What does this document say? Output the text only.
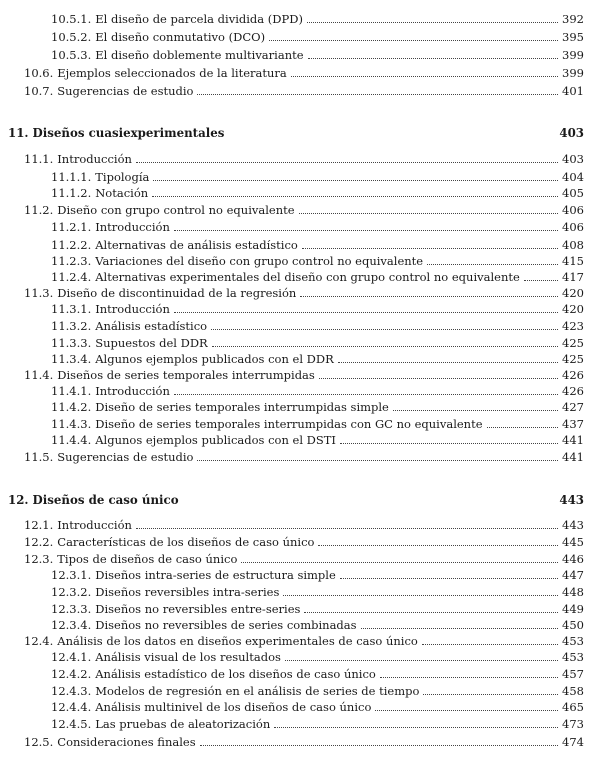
10.5.1. El diseño de parcela dividida (DPD)	392
10.5.2. El diseño conmutativo (DCO)	395
10.5.3. El diseño doblemente multivariante	399
10.6. Ejemplos seleccionados de la literatura	399
10.7. Sugerencias de estudio	401
11. Diseños cuasiexperimentales	403
11.1. Introducción	403
11.1.1. Tipología	404
11.1.2. Notación	405
11.2. Diseño con grupo control no equivalente	406
11.2.1. Introducción	406
11.2.2. Alternativas de análisis estadístico	408
11.2.3. Variaciones del diseño con grupo control no equivalente	415
11.2.4. Alternativas experimentales del diseño con grupo control no equivalente	417
11.3. Diseño de discontinuidad de la regresión	420
11.3.1. Introducción	420
11.3.2. Análisis estadístico	423
11.3.3. Supuestos del DDR	425
11.3.4. Algunos ejemplos publicados con el DDR	425
11.4. Diseños de series temporales interrumpidas	426
11.4.1. Introducción	426
11.4.2. Diseño de series temporales interrumpidas simple	427
11.4.3. Diseño de series temporales interrumpidas con GC no equivalente	437
11.4.4. Algunos ejemplos publicados con el DSTI	441
11.5. Sugerencias de estudio	441
12. Diseños de caso único	443
12.1. Introducción	443
12.2. Características de los diseños de caso único	445
12.3. Tipos de diseños de caso único	446
12.3.1. Diseños intra-series de estructura simple	447
12.3.2. Diseños reversibles intra-series	448
12.3.3. Diseños no reversibles entre-series	449
12.3.4. Diseños no reversibles de series combinadas	450
12.4. Análisis de los datos en diseños experimentales de caso único	453
12.4.1. Análisis visual de los resultados	453
12.4.2. Análisis estadístico de los diseños de caso único	457
12.4.3. Modelos de regresión en el análisis de series de tiempo	458
12.4.4. Análisis multinivel de los diseños de caso único	465
12.4.5. Las pruebas de aleatorización	473
12.5. Consideraciones finales	474
